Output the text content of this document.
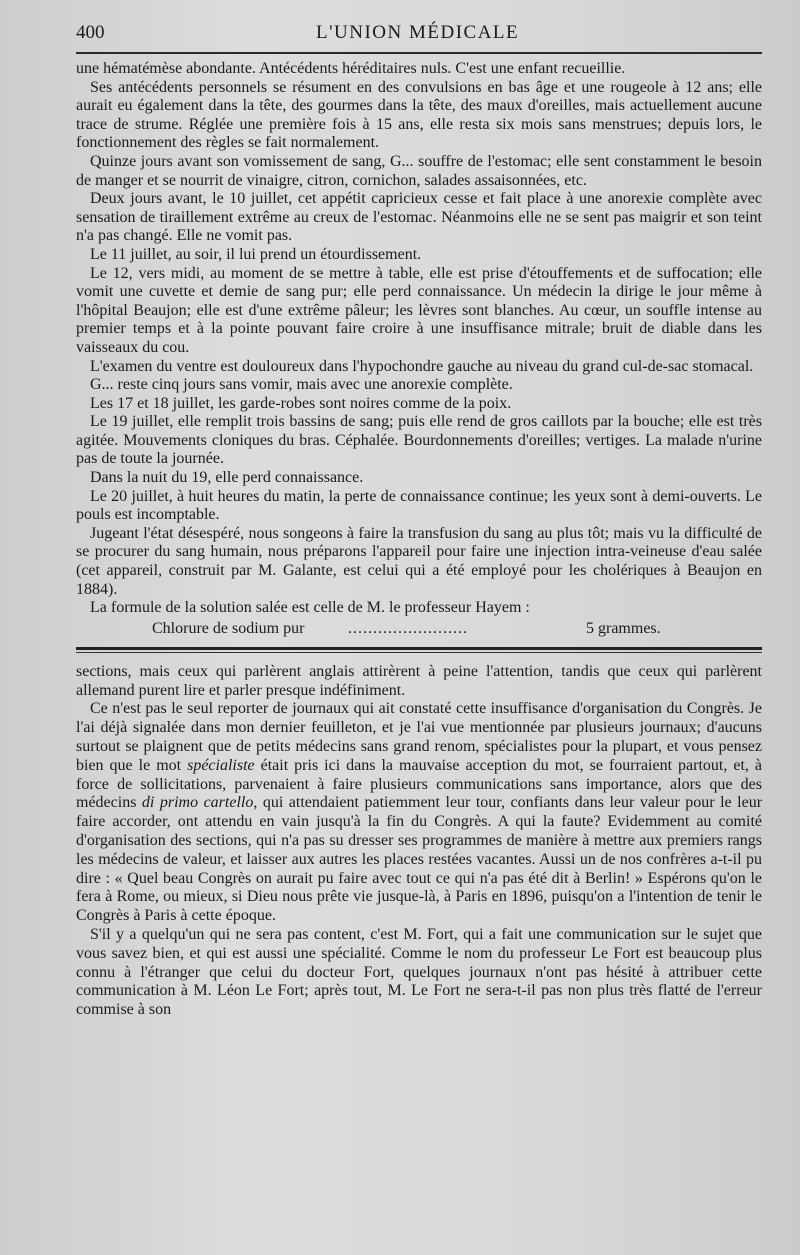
400	L'UNION MÉDICALE

une hématémèse abondante. Antécédents héréditaires nuls. C'est une enfant recueillie.

Ses antécédents personnels se résument en des convulsions en bas âge et une rougeole à 12 ans; elle aurait eu également dans la tête, des gourmes dans la tête, des maux d'oreilles, mais actuellement aucune trace de strume. Réglée une première fois à 15 ans, elle resta six mois sans menstrues; depuis lors, le fonctionnement des règles se fait normalement.

Quinze jours avant son vomissement de sang, G... souffre de l'estomac; elle sent constamment le besoin de manger et se nourrit de vinaigre, citron, cornichon, salades assaisonnées, etc.

Deux jours avant, le 10 juillet, cet appétit capricieux cesse et fait place à une anorexie complète avec sensation de tiraillement extrême au creux de l'estomac. Néanmoins elle ne se sent pas maigrir et son teint n'a pas changé. Elle ne vomit pas.

Le 11 juillet, au soir, il lui prend un étourdissement.

Le 12, vers midi, au moment de se mettre à table, elle est prise d'étouffements et de suffocation; elle vomit une cuvette et demie de sang pur; elle perd connaissance. Un médecin la dirige le jour même à l'hôpital Beaujon; elle est d'une extrême pâleur; les lèvres sont blanches. Au cœur, un souffle intense au premier temps et à la pointe pouvant faire croire à une insuffisance mitrale; bruit de diable dans les vaisseaux du cou.

L'examen du ventre est douloureux dans l'hypochondre gauche au niveau du grand cul-de-sac stomacal.

G... reste cinq jours sans vomir, mais avec une anorexie complète.

Les 17 et 18 juillet, les garde-robes sont noires comme de la poix.

Le 19 juillet, elle remplit trois bassins de sang; puis elle rend de gros caillots par la bouche; elle est très agitée. Mouvements cloniques du bras. Céphalée. Bourdonnements d'oreilles; vertiges. La malade n'urine pas de toute la journée.

Dans la nuit du 19, elle perd connaissance.

Le 20 juillet, à huit heures du matin, la perte de connaissance continue; les yeux sont à demi-ouverts. Le pouls est incomptable.

Jugeant l'état désespéré, nous songeons à faire la transfusion du sang au plus tôt; mais vu la difficulté de se procurer du sang humain, nous préparons l'appareil pour faire une injection intra-veineuse d'eau salée (cet appareil, construit par M. Galante, est celui qui a été employé pour les cholériques à Beaujon en 1884).

La formule de la solution salée est celle de M. le professeur Hayem :

Chlorure de sodium pur	........................	5 grammes.

sections, mais ceux qui parlèrent anglais attirèrent à peine l'attention, tandis que ceux qui parlèrent allemand purent lire et parler presque indéfiniment.

Ce n'est pas le seul reporter de journaux qui ait constaté cette insuffisance d'organisation du Congrès. Je l'ai déjà signalée dans mon dernier feuilleton, et je l'ai vue mentionnée par plusieurs journaux; d'aucuns surtout se plaignent que de petits médecins sans grand renom, spécialistes pour la plupart, et vous pensez bien que le mot spécialiste était pris ici dans la mauvaise acception du mot, se fourraient partout, et, à force de sollicitations, parvenaient à faire plusieurs communications sans importance, alors que des médecins di primo cartello, qui attendaient patiemment leur tour, confiants dans leur valeur pour le leur faire accorder, ont attendu en vain jusqu'à la fin du Congrès. A qui la faute? Evidemment au comité d'organisation des sections, qui n'a pas su dresser ses programmes de manière à mettre aux premiers rangs les médecins de valeur, et laisser aux autres les places restées vacantes. Aussi un de nos confrères a-t-il pu dire : « Quel beau Congrès on aurait pu faire avec tout ce qui n'a pas été dit à Berlin! » Espérons qu'on le fera à Rome, ou mieux, si Dieu nous prête vie jusque-là, à Paris en 1896, puisqu'on a l'intention de tenir le Congrès à Paris à cette époque.

S'il y a quelqu'un qui ne sera pas content, c'est M. Fort, qui a fait une communication sur le sujet que vous savez bien, et qui est aussi une spécialité. Comme le nom du professeur Le Fort est beaucoup plus connu à l'étranger que celui du docteur Fort, quelques journaux n'ont pas hésité à attribuer cette communication à M. Léon Le Fort; après tout, M. Le Fort ne sera-t-il pas non plus très flatté de l'erreur commise à son
